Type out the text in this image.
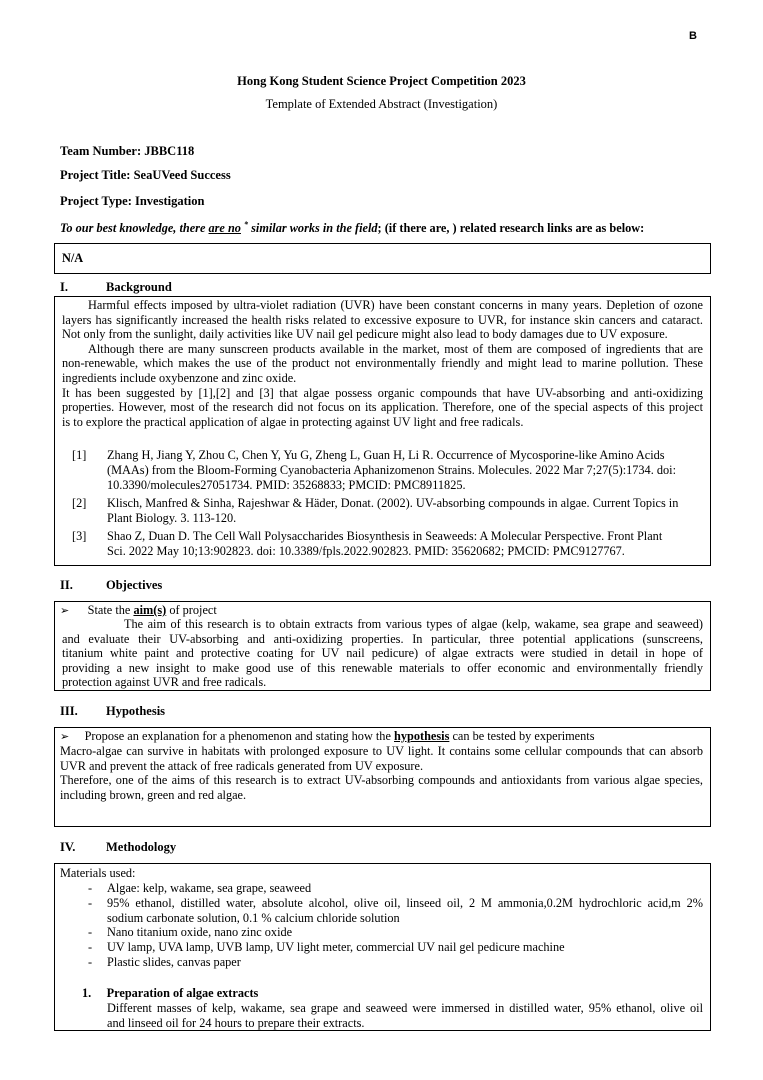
B
Hong Kong Student Science Project Competition 2023
Template of Extended Abstract (Investigation)
Team Number: JBBC118
Project Title: SeaUVeed Success
Project Type: Investigation
To our best knowledge, there are no * similar works in the field; (if there are, ) related research links are as below:
N/A
I.	Background
Harmful effects imposed by ultra-violet radiation (UVR) have been constant concerns in many years. Depletion of ozone
layers has significantly increased the health risks related to excessive exposure to UVR, for instance skin cancers and cataract.
Not only from the sunlight, daily activities like UV nail gel pedicure might also lead to body damages due to UV exposure.
Although there are many sunscreen products available in the market, most of them are composed of ingredients that are
non-renewable, which makes the use of the product not environmentally friendly and might lead to marine pollution. These
ingredients include oxybenzone and zinc oxide.
It has been suggested by [1],[2] and [3] that algae possess organic compounds that have UV-absorbing and anti-oxidizing
properties. However, most of the research did not focus on its application. Therefore, one of the special aspects of this project
is to explore the practical application of algae in protecting against UV light and free radicals.
[1] Zhang H, Jiang Y, Zhou C, Chen Y, Yu G, Zheng L, Guan H, Li R. Occurrence of Mycosporine-like Amino Acids
(MAAs) from the Bloom-Forming Cyanobacteria Aphanizomenon Strains. Molecules. 2022 Mar 7;27(5):1734. doi:
10.3390/molecules27051734. PMID: 35268833; PMCID: PMC8911825.
[2] Klisch, Manfred & Sinha, Rajeshwar & Häder, Donat. (2002). UV-absorbing compounds in algae. Current Topics in
Plant Biology. 3. 113-120.
[3] Shao Z, Duan D. The Cell Wall Polysaccharides Biosynthesis in Seaweeds: A Molecular Perspective. Front Plant
Sci. 2022 May 10;13:902823. doi: 10.3389/fpls.2022.902823. PMID: 35620682; PMCID: PMC9127767.
II.	Objectives
➢ State the aim(s) of project
The aim of this research is to obtain extracts from various types of algae (kelp, wakame, sea grape and seaweed)
and evaluate their UV-absorbing and anti-oxidizing properties. In particular, three potential applications (sunscreens,
titanium white paint and protective coating for UV nail pedicure) of algae extracts were studied in detail in hope of
providing a new insight to make good use of this renewable materials to offer economic and environmentally friendly
protection against UVR and free radicals.
III. Hypothesis
➢ Propose an explanation for a phenomenon and stating how the hypothesis can be tested by experiments
Macro-algae can survive in habitats with prolonged exposure to UV light. It contains some cellular compounds that can absorb
UVR and prevent the attack of free radicals generated from UV exposure.
Therefore, one of the aims of this research is to extract UV-absorbing compounds and antioxidants from various algae species,
including brown, green and red algae.
IV. Methodology
Materials used:
- Algae: kelp, wakame, sea grape, seaweed
- 95% ethanol, distilled water, absolute alcohol, olive oil, linseed oil, 2 M ammonia,0.2M hydrochloric acid,m 2%
sodium carbonate solution, 0.1 % calcium chloride solution
- Nano titanium oxide, nano zinc oxide
- UV lamp, UVA lamp, UVB lamp, UV light meter, commercial UV nail gel pedicure machine
- Plastic slides, canvas paper
1. Preparation of algae extracts
Different masses of kelp, wakame, sea grape and seaweed were immersed in distilled water, 95% ethanol, olive oil
and linseed oil for 24 hours to prepare their extracts.
